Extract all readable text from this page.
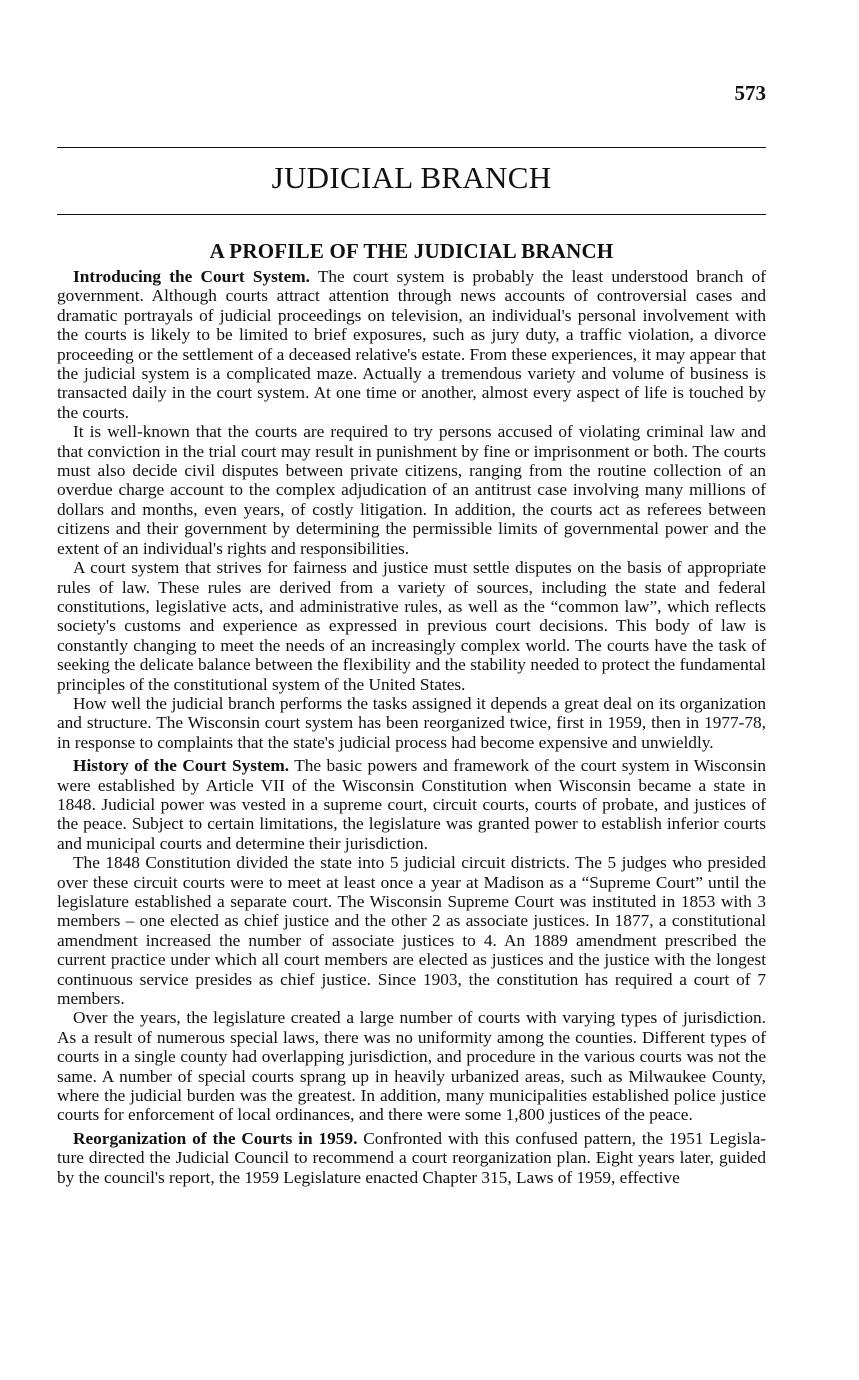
573
JUDICIAL BRANCH
A PROFILE OF THE JUDICIAL BRANCH

Introducing the Court System. The court system is probably the least understood branch of government. Although courts attract attention through news accounts of controversial cases and dramatic portrayals of judicial proceedings on television, an individual's personal involvement with the courts is likely to be limited to brief exposures, such as jury duty, a traffic violation, a divorce proceeding or the settlement of a deceased relative's estate. From these experiences, it may appear that the judicial system is a complicated maze. Actually a tremendous variety and volume of business is transacted daily in the court system. At one time or another, almost every aspect of life is touched by the courts.

It is well-known that the courts are required to try persons accused of violating criminal law and that conviction in the trial court may result in punishment by fine or imprisonment or both. The courts must also decide civil disputes between private citizens, ranging from the routine collection of an overdue charge account to the complex adjudication of an antitrust case involving many millions of dollars and months, even years, of costly litigation. In addition, the courts act as referees between citizens and their government by determining the permissible limits of governmental power and the extent of an individual's rights and responsibilities.

A court system that strives for fairness and justice must settle disputes on the basis of appropriate rules of law. These rules are derived from a variety of sources, including the state and federal constitutions, legislative acts, and administrative rules, as well as the “common law”, which reflects society's customs and experience as expressed in previous court decisions. This body of law is constantly changing to meet the needs of an increasingly complex world. The courts have the task of seeking the delicate balance between the flexibility and the stability needed to protect the fundamental principles of the constitutional system of the United States.

How well the judicial branch performs the tasks assigned it depends a great deal on its organization and structure. The Wisconsin court system has been reorganized twice, first in 1959, then in 1977-78, in response to complaints that the state's judicial process had become expensive and unwieldly.

History of the Court System. The basic powers and framework of the court system in Wisconsin were established by Article VII of the Wisconsin Constitution when Wisconsin became a state in 1848. Judicial power was vested in a supreme court, circuit courts, courts of probate, and justices of the peace. Subject to certain limitations, the legislature was granted power to establish inferior courts and municipal courts and determine their jurisdiction.

The 1848 Constitution divided the state into 5 judicial circuit districts. The 5 judges who presided over these circuit courts were to meet at least once a year at Madison as a “Supreme Court” until the legislature established a separate court. The Wisconsin Supreme Court was instituted in 1853 with 3 members – one elected as chief justice and the other 2 as associate justices. In 1877, a constitutional amendment increased the number of associate justices to 4. An 1889 amendment prescribed the current practice under which all court members are elected as justices and the justice with the longest continuous service presides as chief justice. Since 1903, the constitution has required a court of 7 members.

Over the years, the legislature created a large number of courts with varying types of jurisdiction. As a result of numerous special laws, there was no uniformity among the counties. Different types of courts in a single county had overlapping jurisdiction, and procedure in the various courts was not the same. A number of special courts sprang up in heavily urbanized areas, such as Milwaukee County, where the judicial burden was the greatest. In addition, many municipalities established police justice courts for enforcement of local ordinances, and there were some 1,800 justices of the peace.

Reorganization of the Courts in 1959. Confronted with this confused pattern, the 1951 Legislature directed the Judicial Council to recommend a court reorganization plan. Eight years later, guided by the council's report, the 1959 Legislature enacted Chapter 315, Laws of 1959, effective
